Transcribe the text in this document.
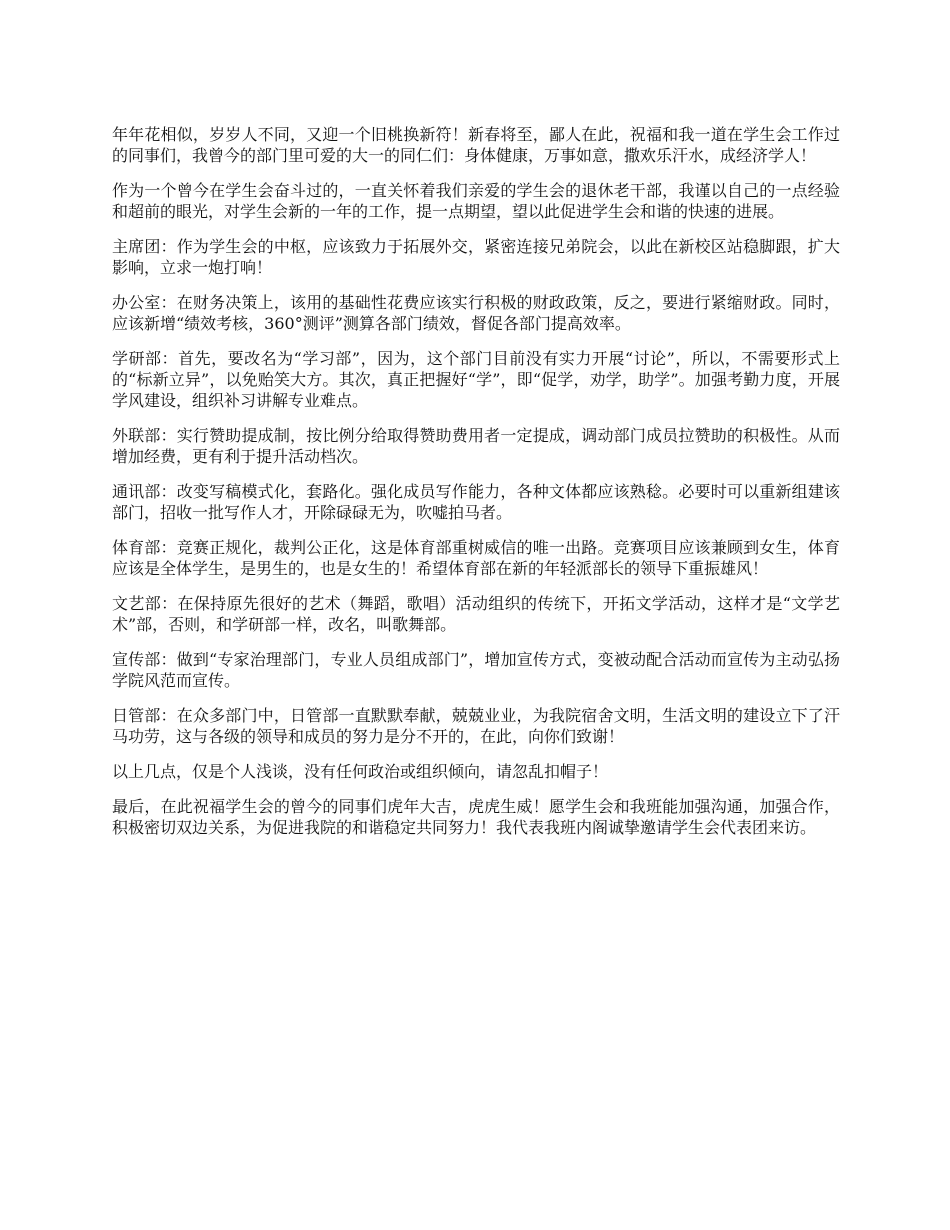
年年花相似，岁岁人不同，又迎一个旧桃换新符！新春将至，鄙人在此，祝福和我一道在学生会工作过的同事们，我曾今的部门里可爱的大一的同仁们：身体健康，万事如意，撒欢乐汗水，成经济学人！

作为一个曾今在学生会奋斗过的，一直关怀着我们亲爱的学生会的退休老干部，我谨以自己的一点经验和超前的眼光，对学生会新的一年的工作，提一点期望，望以此促进学生会和谐的快速的进展。

主席团：作为学生会的中枢，应该致力于拓展外交，紧密连接兄弟院会，以此在新校区站稳脚跟，扩大影响，立求一炮打响！

办公室：在财务决策上，该用的基础性花费应该实行积极的财政政策，反之，要进行紧缩财政。同时，应该新增“绩效考核，360°测评”测算各部门绩效，督促各部门提高效率。

学研部：首先，要改名为“学习部”，因为，这个部门目前没有实力开展“讨论”，所以，不需要形式上的“标新立异”，以免贻笑大方。其次，真正把握好“学”，即“促学，劝学，助学”。加强考勤力度，开展学风建设，组织补习讲解专业难点。

外联部：实行赞助提成制，按比例分给取得赞助费用者一定提成，调动部门成员拉赞助的积极性。从而增加经费，更有利于提升活动档次。

通讯部：改变写稿模式化，套路化。强化成员写作能力，各种文体都应该熟稔。必要时可以重新组建该部门，招收一批写作人才，开除碌碌无为，吹嘘拍马者。

体育部：竞赛正规化，裁判公正化，这是体育部重树威信的唯一出路。竞赛项目应该兼顾到女生，体育应该是全体学生，是男生的，也是女生的！希望体育部在新的年轻派部长的领导下重振雄风！

文艺部：在保持原先很好的艺术（舞蹈，歌唱）活动组织的传统下，开拓文学活动，这样才是“文学艺术”部，否则，和学研部一样，改名，叫歌舞部。

宣传部：做到“专家治理部门，专业人员组成部门”，增加宣传方式，变被动配合活动而宣传为主动弘扬学院风范而宣传。

日管部：在众多部门中，日管部一直默默奉献，兢兢业业，为我院宿舍文明，生活文明的建设立下了汗马功劳，这与各级的领导和成员的努力是分不开的，在此，向你们致谢！

以上几点，仅是个人浅谈，没有任何政治或组织倾向，请忽乱扣帽子！

最后，在此祝福学生会的曾今的同事们虎年大吉，虎虎生威！愿学生会和我班能加强沟通，加强合作，积极密切双边关系，为促进我院的和谐稳定共同努力！我代表我班内阁诚挚邀请学生会代表团来访。
